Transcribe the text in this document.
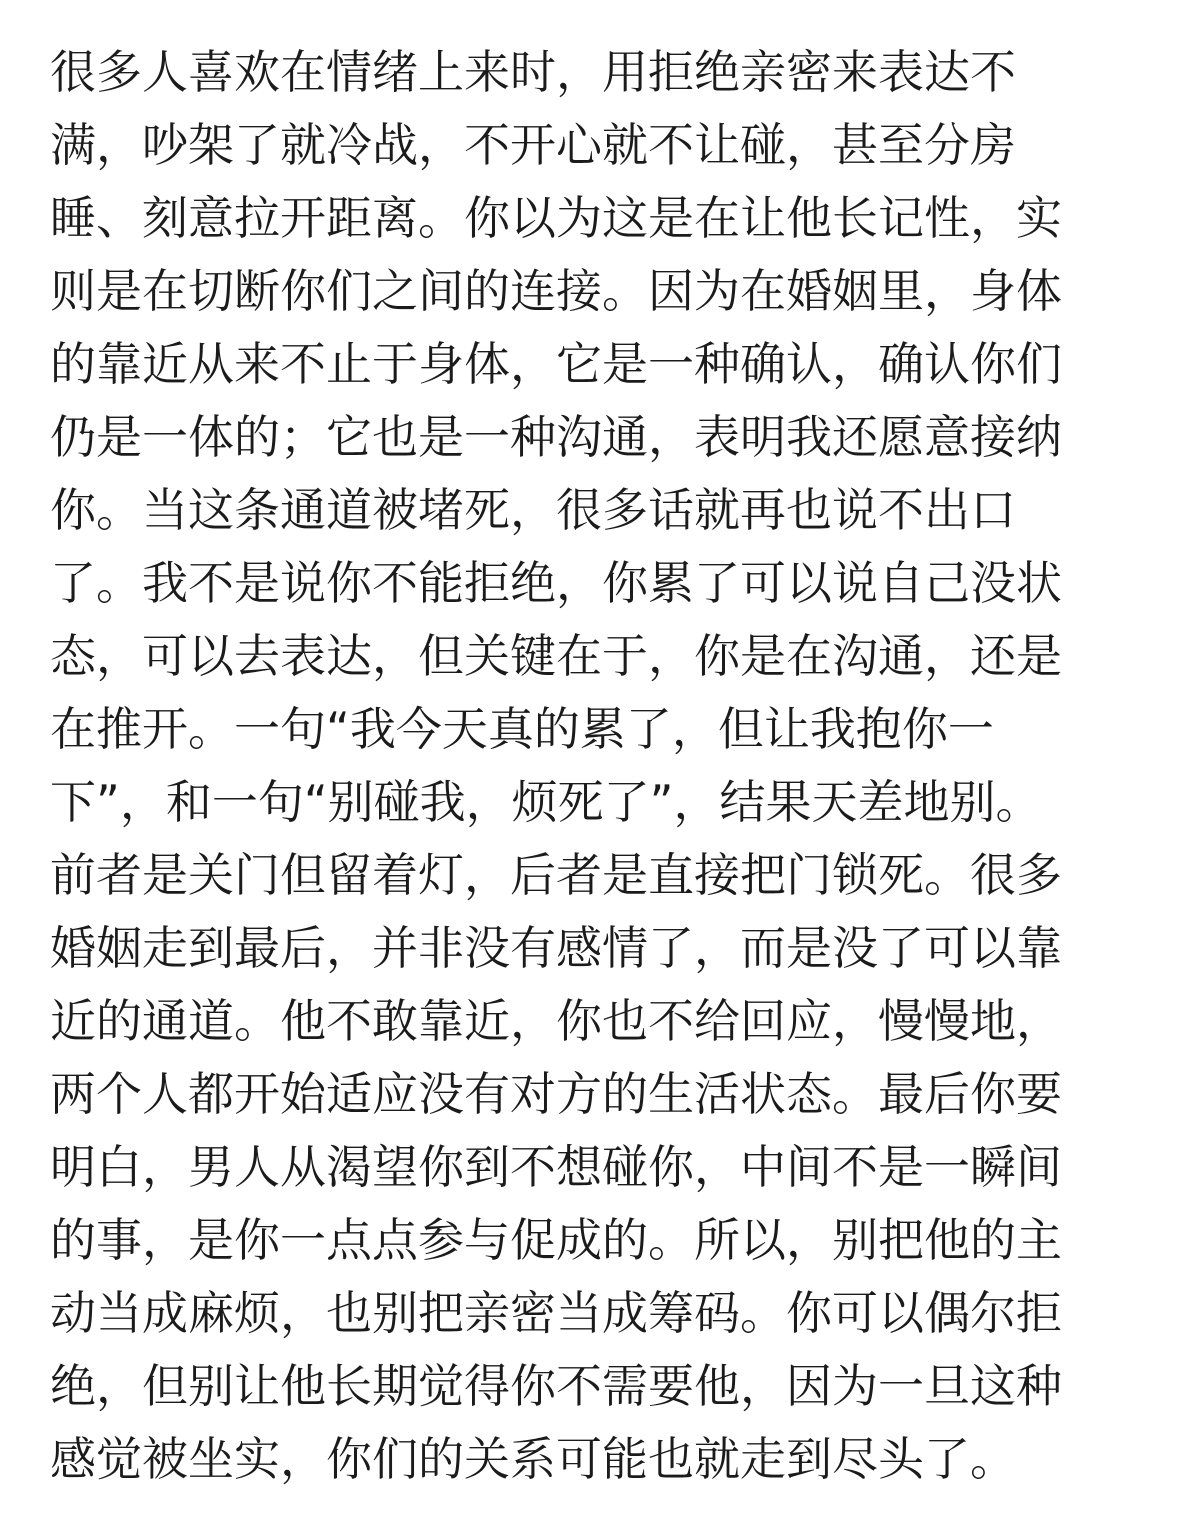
很多人喜欢在情绪上来时，用拒绝亲密来表达不
满，吵架了就冷战，不开心就不让碰，甚至分房
睡、刻意拉开距离。你以为这是在让他长记性，实
则是在切断你们之间的连接。因为在婚姻里，身体
的靠近从来不止于身体，它是一种确认，确认你们
仍是一体的；它也是一种沟通，表明我还愿意接纳
你。当这条通道被堵死，很多话就再也说不出口
了。我不是说你不能拒绝，你累了可以说自己没状
态，可以去表达，但关键在于，你是在沟通，还是
在推开。一句“我今天真的累了，但让我抱你一
下”，和一句“别碰我，烦死了”，结果天差地别。
前者是关门但留着灯，后者是直接把门锁死。很多
婚姻走到最后，并非没有感情了，而是没了可以靠
近的通道。他不敢靠近，你也不给回应，慢慢地，
两个人都开始适应没有对方的生活状态。最后你要
明白，男人从渴望你到不想碰你，中间不是一瞬间
的事，是你一点点参与促成的。所以，别把他的主
动当成麻烦，也别把亲密当成筹码。你可以偶尔拒
绝，但别让他长期觉得你不需要他，因为一旦这种
感觉被坐实，你们的关系可能也就走到尽头了。
